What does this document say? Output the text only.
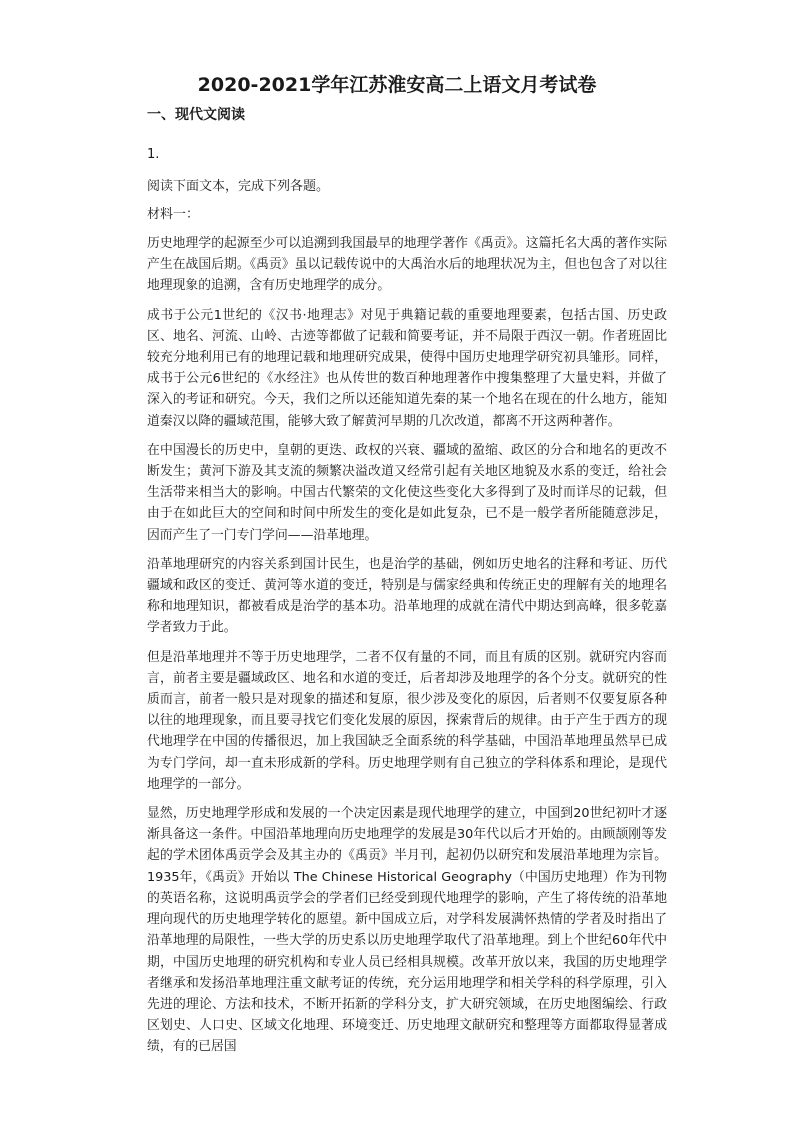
2020-2021学年江苏淮安高二上语文月考试卷
一、现代文阅读
1.
阅读下面文本，完成下列各题。
材料一：

历史地理学的起源至少可以追溯到我国最早的地理学著作《禹贡》。这篇托名大禹的著作实际产生在战国后期。《禹贡》虽以记载传说中的大禹治水后的地理状况为主，但也包含了对以往地理现象的追溯，含有历史地理学的成分。

成书于公元1世纪的《汉书·地理志》对见于典籍记载的重要地理要素，包括古国、历史政区、地名、河流、山岭、古迹等都做了记载和简要考证，并不局限于西汉一朝。作者班固比较充分地利用已有的地理记载和地理研究成果，使得中国历史地理学研究初具雏形。同样，成书于公元6世纪的《水经注》也从传世的数百种地理著作中搜集整理了大量史料，并做了深入的考证和研究。今天，我们之所以还能知道先秦的某一个地名在现在的什么地方，能知道秦汉以降的疆域范围，能够大致了解黄河早期的几次改道，都离不开这两种著作。

在中国漫长的历史中，皇朝的更迭、政权的兴衰、疆域的盈缩、政区的分合和地名的更改不断发生；黄河下游及其支流的频繁决溢改道又经常引起有关地区地貌及水系的变迁，给社会生活带来相当大的影响。中国古代繁荣的文化使这些变化大多得到了及时而详尽的记载，但由于在如此巨大的空间和时间中所发生的变化是如此复杂，已不是一般学者所能随意涉足，因而产生了一门专门学问——沿革地理。

沿革地理研究的内容关系到国计民生，也是治学的基础，例如历史地名的注释和考证、历代疆域和政区的变迁、黄河等水道的变迁，特别是与儒家经典和传统正史的理解有关的地理名称和地理知识，都被看成是治学的基本功。沿革地理的成就在清代中期达到高峰，很多乾嘉学者致力于此。

但是沿革地理并不等于历史地理学，二者不仅有量的不同，而且有质的区别。就研究内容而言，前者主要是疆域政区、地名和水道的变迁，后者却涉及地理学的各个分支。就研究的性质而言，前者一般只是对现象的描述和复原，很少涉及变化的原因，后者则不仅要复原各种以往的地理现象，而且要寻找它们变化发展的原因，探索背后的规律。由于产生于西方的现代地理学在中国的传播很迟，加上我国缺乏全面系统的科学基础，中国沿革地理虽然早已成为专门学问，却一直未形成新的学科。历史地理学则有自己独立的学科体系和理论，是现代地理学的一部分。

显然，历史地理学形成和发展的一个决定因素是现代地理学的建立，中国到20世纪初叶才逐渐具备这一条件。中国沿革地理向历史地理学的发展是30年代以后才开始的。由顾颉刚等发起的学术团体禹贡学会及其主办的《禹贡》半月刊，起初仍以研究和发展沿革地理为宗旨。1935年，《禹贡》开始以 The Chinese Historical Geography（中国历史地理）作为刊物的英语名称，这说明禹贡学会的学者们已经受到现代地理学的影响，产生了将传统的沿革地理向现代的历史地理学转化的愿望。新中国成立后，对学科发展满怀热情的学者及时指出了沿革地理的局限性，一些大学的历史系以历史地理学取代了沿革地理。到上个世纪60年代中期，中国历史地理的研究机构和专业人员已经相具规模。改革开放以来，我国的历史地理学者继承和发扬沿革地理注重文献考证的传统，充分运用地理学和相关学科的科学原理，引入先进的理论、方法和技术，不断开拓新的学科分支，扩大研究领域，在历史地图编绘、行政区划史、人口史、区域文化地理、环境变迁、历史地理文献研究和整理等方面都取得显著成绩，有的已居国
